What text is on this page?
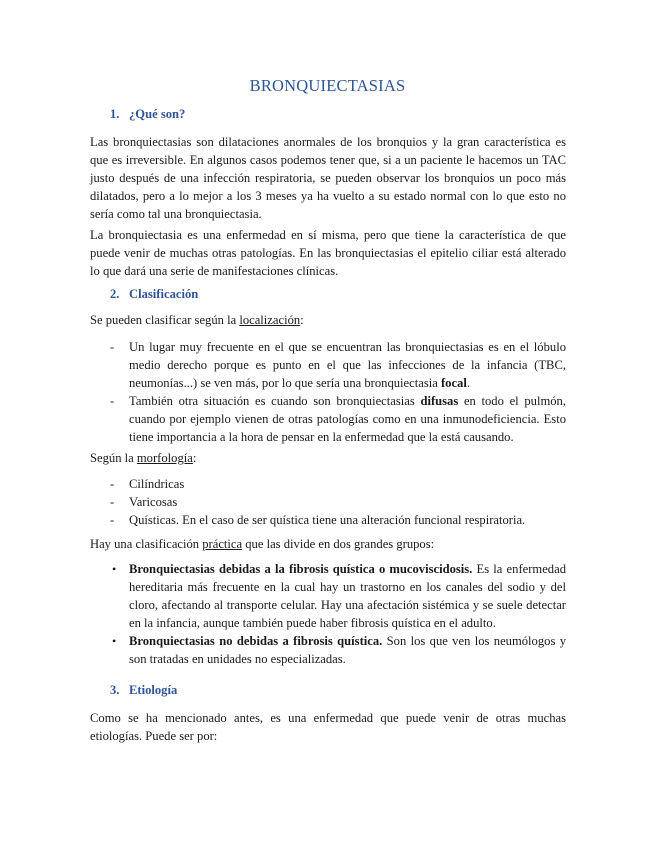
BRONQUIECTASIAS
1. ¿Qué son?
Las bronquiectasias son dilataciones anormales de los bronquios y la gran característica es que es irreversible. En algunos casos podemos tener que, si a un paciente le hacemos un TAC justo después de una infección respiratoria, se pueden observar los bronquios un poco más dilatados, pero a lo mejor a los 3 meses ya ha vuelto a su estado normal con lo que esto no sería como tal una bronquiectasia.
La bronquiectasia es una enfermedad en sí misma, pero que tiene la característica de que puede venir de muchas otras patologías. En las bronquiectasias el epitelio ciliar está alterado lo que dará una serie de manifestaciones clínicas.
2. Clasificación
Se pueden clasificar según la localización:
- Un lugar muy frecuente en el que se encuentran las bronquiectasias es en el lóbulo medio derecho porque es punto en el que las infecciones de la infancia (TBC, neumonías...) se ven más, por lo que sería una bronquiectasia focal.
- También otra situación es cuando son bronquiectasias difusas en todo el pulmón, cuando por ejemplo vienen de otras patologías como en una inmunodeficiencia. Esto tiene importancia a la hora de pensar en la enfermedad que la está causando.
Según la morfología:
- Cilíndricas
- Varicosas
- Quísticas. En el caso de ser quística tiene una alteración funcional respiratoria.
Hay una clasificación práctica que las divide en dos grandes grupos:
• Bronquiectasias debidas a la fibrosis quística o mucoviscidosis. Es la enfermedad hereditaria más frecuente en la cual hay un trastorno en los canales del sodio y del cloro, afectando al transporte celular. Hay una afectación sistémica y se suele detectar en la infancia, aunque también puede haber fibrosis quística en el adulto.
• Bronquiectasias no debidas a fibrosis quística. Son los que ven los neumólogos y son tratadas en unidades no especializadas.
3. Etiología
Como se ha mencionado antes, es una enfermedad que puede venir de otras muchas etiologías. Puede ser por:
